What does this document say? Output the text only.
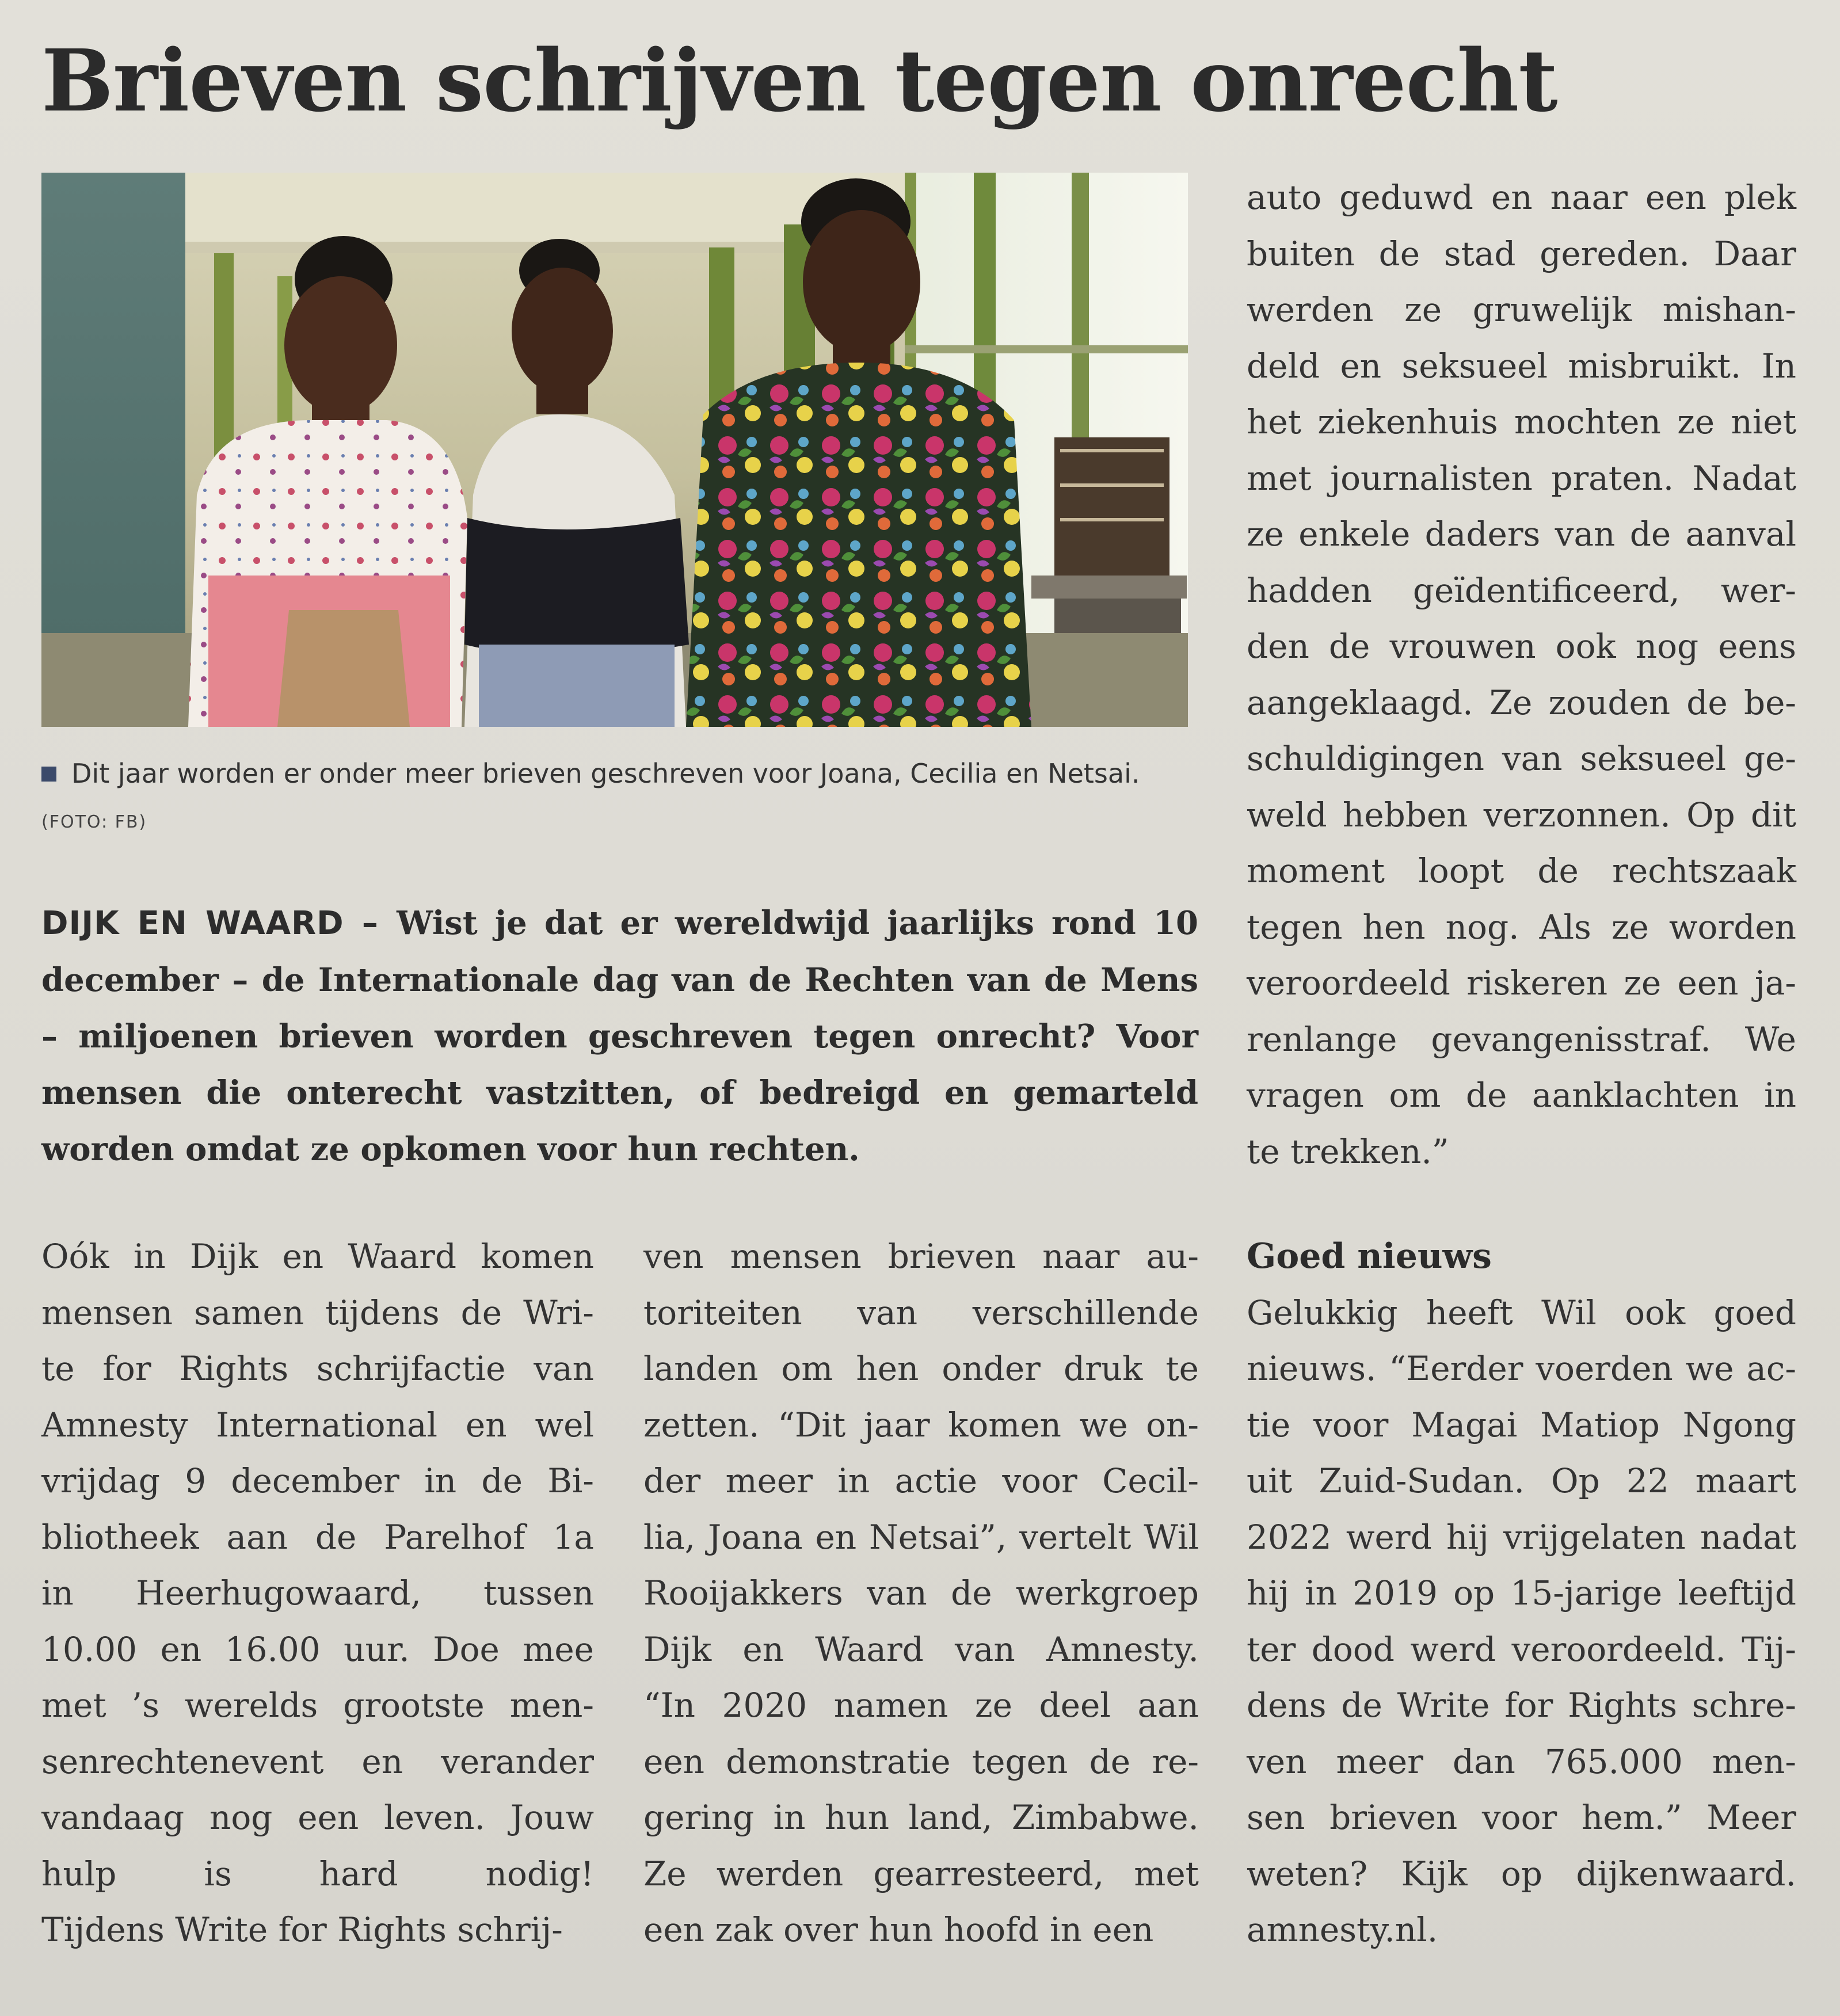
Brieven schrijven tegen onrecht
Dit jaar worden er onder meer brieven geschreven voor Joana, Cecilia en Netsai. (FOTO: FB)
DIJK EN WAARD – Wist je dat er wereldwijd jaarlijks rond 10 december – de Internationale dag van de Rechten van de Mens – miljoenen brieven worden geschreven tegen onrecht? Voor mensen die onterecht vastzitten, of bedreigd en gemarteld worden omdat ze opkomen voor hun rechten.
Oók in Dijk en Waard komen
mensen samen tijdens de Wri-
te for Rights schrijfactie van
Amnesty International en wel
vrijdag 9 december in de Bi-
bliotheek aan de Parelhof 1a
in Heerhugowaard, tussen
10.00 en 16.00 uur. Doe mee
met ’s werelds grootste men-
senrechtenevent en verander
vandaag nog een leven. Jouw
hulp is hard nodig!
Tijdens Write for Rights schrij-
ven mensen brieven naar au-
toriteiten van verschillende
landen om hen onder druk te
zetten. “Dit jaar komen we on-
der meer in actie voor Cecil-
lia, Joana en Netsai”, vertelt Wil
Rooijakkers van de werkgroep
Dijk en Waard van Amnesty.
“In 2020 namen ze deel aan
een demonstratie tegen de re-
gering in hun land, Zimbabwe.
Ze werden gearresteerd, met
een zak over hun hoofd in een
auto geduwd en naar een plek
buiten de stad gereden. Daar
werden ze gruwelijk mishan-
deld en seksueel misbruikt. In
het ziekenhuis mochten ze niet
met journalisten praten. Nadat
ze enkele daders van de aanval
hadden geïdentificeerd, wer-
den de vrouwen ook nog eens
aangeklaagd. Ze zouden de be-
schuldigingen van seksueel ge-
weld hebben verzonnen. Op dit
moment loopt de rechtszaak
tegen hen nog. Als ze worden
veroordeeld riskeren ze een ja-
renlange gevangenisstraf. We
vragen om de aanklachten in
te trekken.”
Goed nieuws
Gelukkig heeft Wil ook goed
nieuws. “Eerder voerden we ac-
tie voor Magai Matiop Ngong
uit Zuid-Sudan. Op 22 maart
2022 werd hij vrijgelaten nadat
hij in 2019 op 15-jarige leeftijd
ter dood werd veroordeeld. Tij-
dens de Write for Rights schre-
ven meer dan 765.000 men-
sen brieven voor hem.” Meer
weten? Kijk op dijkenwaard.
amnesty.nl.
